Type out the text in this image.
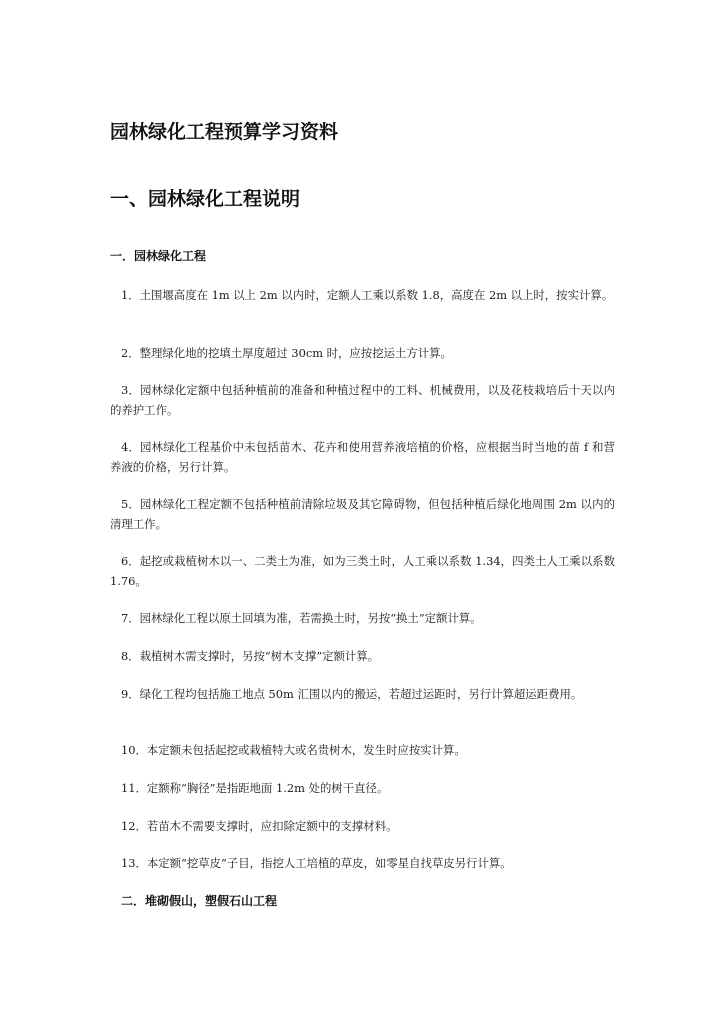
园林绿化工程预算学习资料
一、园林绿化工程说明
一．园林绿化工程

1．土围堰高度在 1m 以上 2m 以内时，定额人工乘以系数 1.8，高度在 2m 以上时，按实计算。

2．整理绿化地的挖填土厚度超过 30cm 时，应按挖运土方计算。

3．园林绿化定额中包括种植前的准备和种植过程中的工料、机械费用，以及花枝栽培后十天以内的养护工作。

4．园林绿化工程基价中未包括苗木、花卉和使用营养液培植的价格，应根据当时当地的苗 f 和营养液的价格，另行计算。

5．园林绿化工程定额不包括种植前清除垃圾及其它障碍物，但包括种植后绿化地周围 2m 以内的清理工作。

6．起挖或栽植树木以一、二类土为准，如为三类土时，人工乘以系数 1.34，四类土人工乘以系数 1.76。

7．园林绿化工程以原土回填为准，若需换土时，另按“换土”定额计算。

8．栽植树木需支撑时，另按“树木支撑”定额计算。

9．绿化工程均包括施工地点 50m 汇围以内的搬运，若超过运距时，另行计算超运距费用。

10．本定额未包括起挖或栽植特大或名贵树木，发生时应按实计算。

11．定额称“胸径”是指距地面 1.2m 处的树干直径。

12．若苗木不需要支撑时，应扣除定额中的支撑材料。

13．本定额“挖草皮”子目，指挖人工培植的草皮，如零星自找草皮另行计算。

二．堆砌假山，塑假石山工程
